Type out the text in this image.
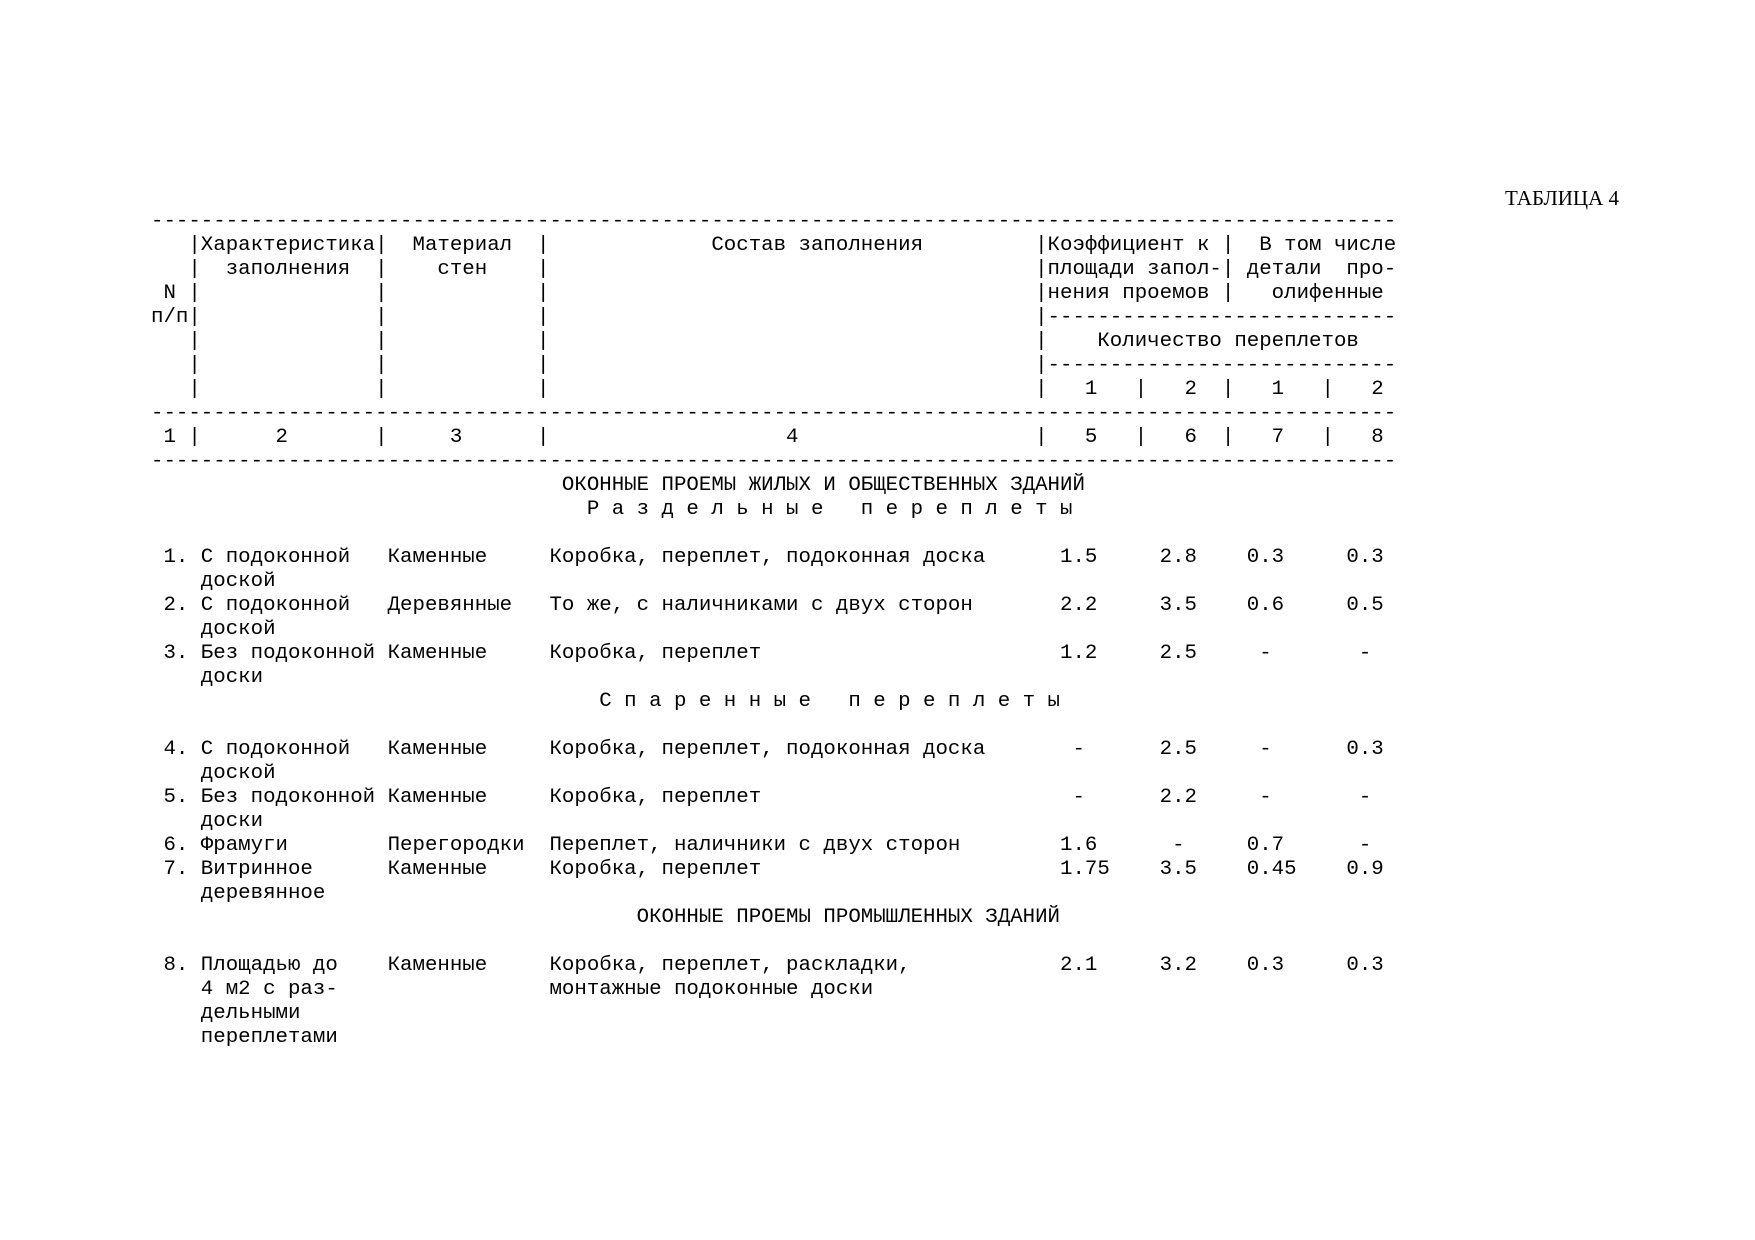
ТАБЛИЦА 4
----------------------------------------------------------------------------------------------------
|Характеристика|  Материал  |             Состав заполнения         |Коэффициент к |  В том числе
|  заполнения  |    стен    |                                       |площади запол-| детали  про-
N |              |            |                                       |нения проемов |   олифенные
п/п|              |            |                                       |----------------------------
|              |            |                                       |    Количество переплетов
|              |            |                                       |----------------------------
|              |            |                                       |   1   |   2  |   1   |   2
----------------------------------------------------------------------------------------------------
1 |      2       |     3      |                   4                   |   5   |   6  |   7   |   8
----------------------------------------------------------------------------------------------------
ОКОННЫЕ ПРОЕМЫ ЖИЛЫХ И ОБЩЕСТВЕННЫХ ЗДАНИЙ
Р а з д е л ь н ы е   п е р е п л е т ы

1. С подоконной   Каменные     Коробка, переплет, подоконная доска      1.5     2.8    0.3     0.3
доской
2. С подоконной   Деревянные   То же, с наличниками с двух сторон       2.2     3.5    0.6     0.5
доской
3. Без подоконной Каменные     Коробка, переплет                        1.2     2.5     -       -
доски
С п а р е н н ы е   п е р е п л е т ы

4. С подоконной   Каменные     Коробка, переплет, подоконная доска       -      2.5     -      0.3
доской
5. Без подоконной Каменные     Коробка, переплет                         -      2.2     -       -
доски
6. Фрамуги        Перегородки  Переплет, наличники с двух сторон        1.6      -     0.7      -
7. Витринное      Каменные     Коробка, переплет                        1.75    3.5    0.45    0.9
деревянное
ОКОННЫЕ ПРОЕМЫ ПРОМЫШЛЕННЫХ ЗДАНИЙ

8. Площадью до    Каменные     Коробка, переплет, раскладки,            2.1     3.2    0.3     0.3
4 м2 с раз-                 монтажные подоконные доски
дельными
переплетами
